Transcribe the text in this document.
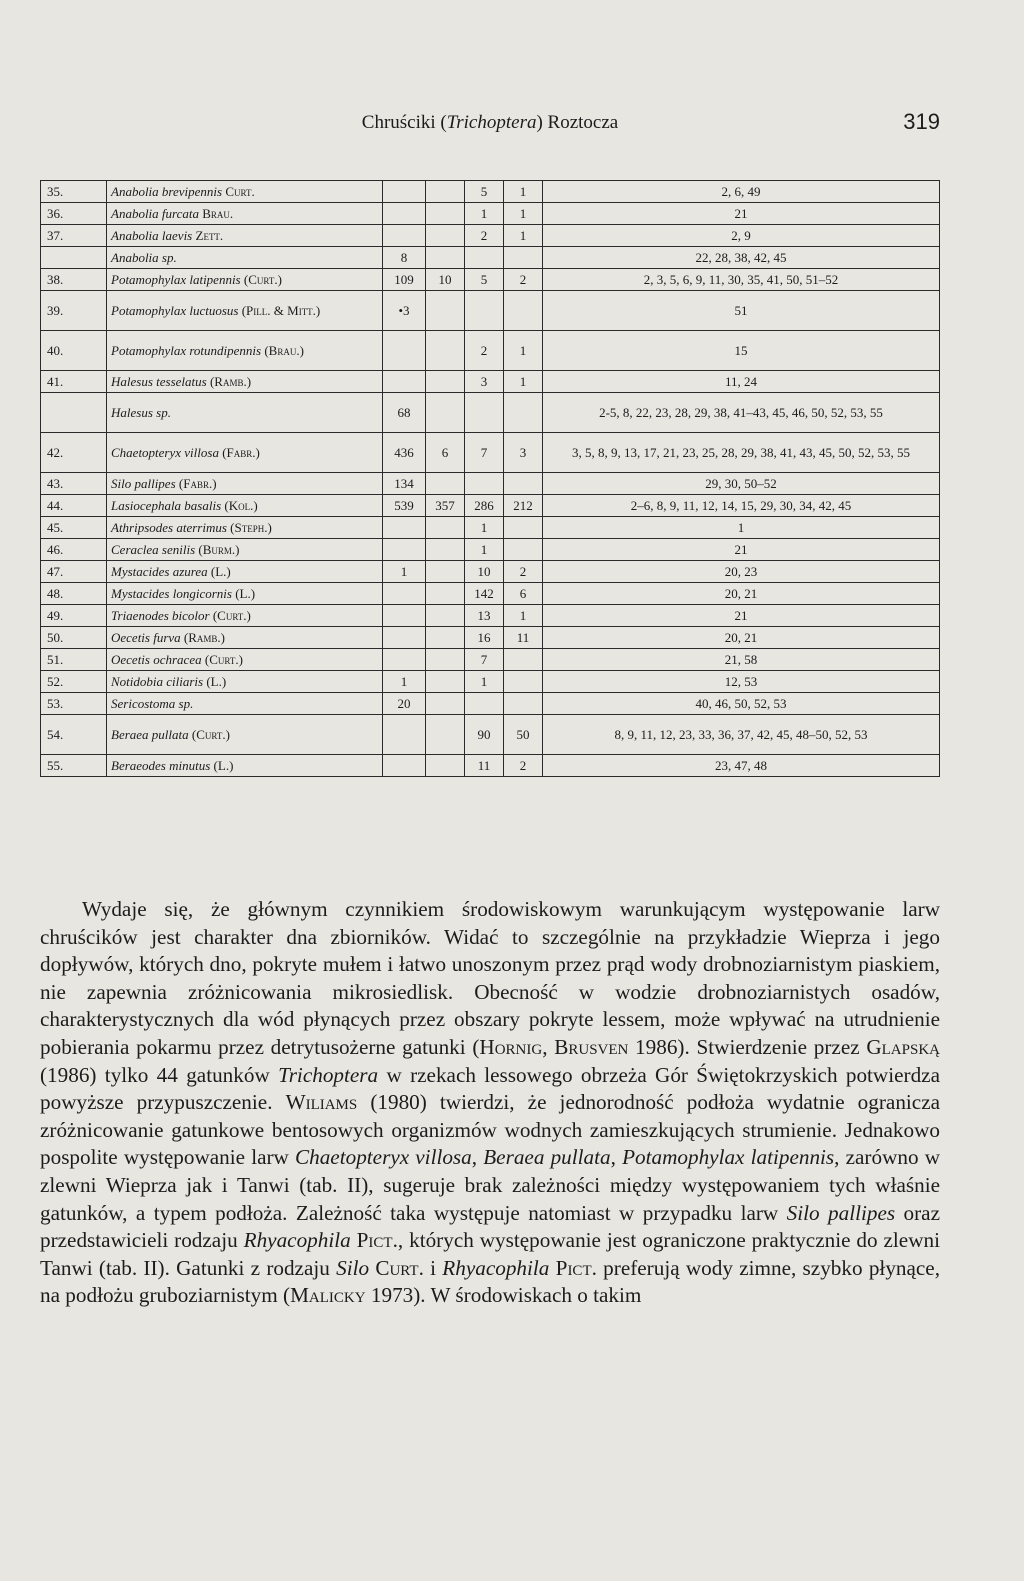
Chruściki (Trichoptera) Roztocza	319
35.	Anabolia brevipennis Curt.			5	1	2, 6, 49
36.	Anabolia furcata Brau.			1	1	21
37.	Anabolia laevis Zett.			2	1	2, 9
	Anabolia sp.	8				22, 28, 38, 42, 45
38.	Potamophylax latipennis (Curt.)	109	10	5	2	2, 3, 5, 6, 9, 11, 30, 35, 41, 50, 51–52
39.	Potamophylax luctuosus (Pill. & Mitt.)	•3				51
40.	Potamophylax rotundipennis (Brau.)			2	1	15
41.	Halesus tesselatus (Ramb.)			3	1	11, 24
	Halesus sp.	68				2-5, 8, 22, 23, 28, 29, 38, 41–43, 45, 46, 50, 52, 53, 55
42.	Chaetopteryx villosa (Fabr.)	436	6	7	3	3, 5, 8, 9, 13, 17, 21, 23, 25, 28, 29, 38, 41, 43, 45, 50, 52, 53, 55
43.	Silo pallipes (Fabr.)	134				29, 30, 50–52
44.	Lasiocephala basalis (Kol.)	539	357	286	212	2–6, 8, 9, 11, 12, 14, 15, 29, 30, 34, 42, 45
45.	Athripsodes aterrimus (Steph.)			1		1
46.	Ceraclea senilis (Burm.)			1		21
47.	Mystacides azurea (L.)	1		10	2	20, 23
48.	Mystacides longicornis (L.)			142	6	20, 21
49.	Triaenodes bicolor (Curt.)			13	1	21
50.	Oecetis furva (Ramb.)			16	11	20, 21
51.	Oecetis ochracea (Curt.)			7		21, 58
52.	Notidobia ciliaris (L.)	1		1		12, 53
53.	Sericostoma sp.	20				40, 46, 50, 52, 53
54.	Beraea pullata (Curt.)			90	50	8, 9, 11, 12, 23, 33, 36, 37, 42, 45, 48–50, 52, 53
55.	Beraeodes minutus (L.)			11	2	23, 47, 48

Wydaje się, że głównym czynnikiem środowiskowym warunkującym występowanie larw chruścików jest charakter dna zbiorników. Widać to szczególnie na przykładzie Wieprza i jego dopływów, których dno, pokryte mułem i łatwo unoszonym przez prąd wody drobnoziarnistym piaskiem, nie zapewnia zróżnicowania mikrosiedlisk. Obecność w wodzie drobnoziarnistych osadów, charakterystycznych dla wód płynących przez obszary pokryte lessem, może wpływać na utrudnienie pobierania pokarmu przez detrytusożerne gatunki (Hornig, Brusven 1986). Stwierdzenie przez Glapską (1986) tylko 44 gatunków Trichoptera w rzekach lessowego obrzeża Gór Świętokrzyskich potwierdza powyższe przypuszczenie. Wiliams (1980) twierdzi, że jednorodność podłoża wydatnie ogranicza zróżnicowanie gatunkowe bentosowych organizmów wodnych zamieszkujących strumienie. Jednakowo pospolite występowanie larw Chaetopteryx villosa, Beraea pullata, Potamophylax latipennis, zarówno w zlewni Wieprza jak i Tanwi (tab. II), sugeruje brak zależności między występowaniem tych właśnie gatunków, a typem podłoża. Zależność taka występuje natomiast w przypadku larw Silo pallipes oraz przedstawicieli rodzaju Rhyacophila Pict., których występowanie jest ograniczone praktycznie do zlewni Tanwi (tab. II). Gatunki z rodzaju Silo Curt. i Rhyacophila Pict. preferują wody zimne, szybko płynące, na podłożu gruboziarnistym (Malicky 1973). W środowiskach o takim
